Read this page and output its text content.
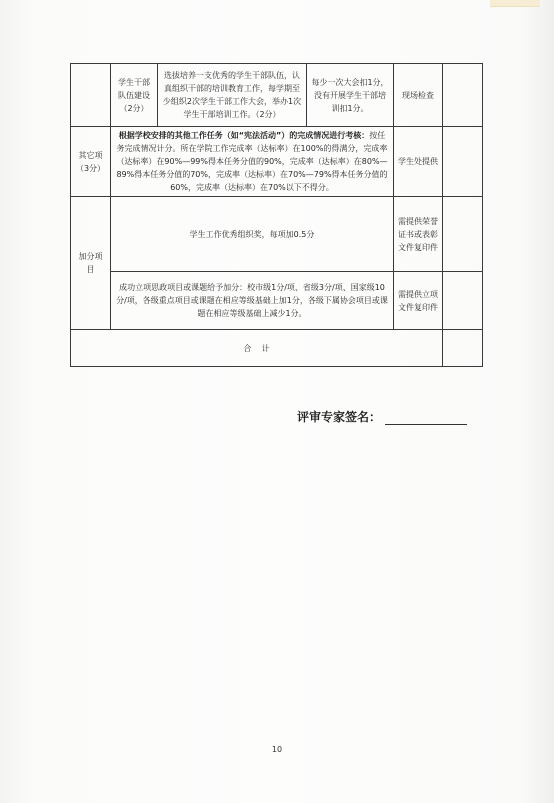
	学生干部队伍建设（2分）	选拔培养一支优秀的学生干部队伍，认真组织干部的培训教育工作，每学期至少组织2次学生干部工作大会，举办1次学生干部培训工作。（2分）	每少一次大会扣1分，没有开展学生干部培训扣1分。	现场检查	
其它项（3分）	根据学校安排的其他工作任务（如“宪法活动”）的完成情况进行考核：按任务完成情况计分。所在学院工作完成率（达标率）在100%的得满分，完成率（达标率）在90%—99%得本任务分值的90%，完成率（达标率）在80%—89%得本任务分值的70%，完成率（达标率）在70%—79%得本任务分值的60%，完成率（达标率）在70%以下不得分。			学生处提供	
加分项目	学生工作优秀组织奖，每项加0.5分			需提供荣誉证书或表彰文件复印件	
	成功立项思政项目或课题给予加分：校市级1分/项、省级3分/项、国家级10分/项，各级重点项目或课题在相应等级基础上加1分，各级下属协会项目或课题在相应等级基础上减少1分。			需提供立项文件复印件	
合    计					
评审专家签名：
10
